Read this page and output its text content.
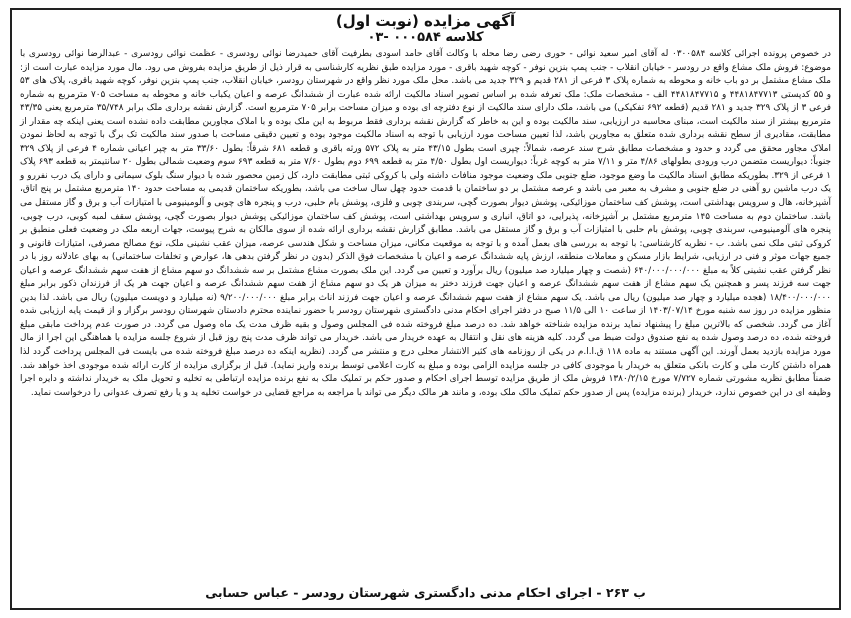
آگهی مزایده (نوبت اول)
کلاسه ۰۰۰۵۸۴ -۰۳
در خصوص پرونده اجرائی کلاسه ۰۳۰۰۵۸۴ له آقای امیر سعید نوائی - حوری رضی رضا محله با وکالت آقای حامد اسودی بطرفیت آقای حمیدرضا نوائی رودسری - عظمت نوائی رودسری - عبدالرضا نوائی رودسری با موضوع: فروش ملک مشاع واقع در رودسر - خیابان انقلاب - جنب پمپ بنزین نوفر - کوچه شهید باقری - مورد مزایده طبق نظریه کارشناسی به قرار ذیل از طریق مزایده بفروش می رود. مال مورد مزایده عبارت است از: ملک مشاع مشتمل بر دو باب خانه و محوطه به شماره پلاک ۳ فرعی از ۲۸۱ قدیم و ۳۲۹ جدید می باشد. محل ملک مورد نظر واقع در شهرستان رودسر، خیابان انقلاب، جنب پمپ بنزین نوفر، کوچه شهید باقری، پلاک های ۵۳ و ۵۵ کدپستی ۴۴۸۱۸۴۷۷۱۳ و ۴۴۸۱۸۴۷۷۱۵ الف - مشخصات ملک: ملک تعرفه شده بر اساس تصویر اسناد مالکیت ارائه شده عبارت از ششدانگ عرصه و اعیان یکباب خانه و محوطه به مساحت ۷۰۵ مترمربع به شماره فرعی ۳ از پلاک ۳۲۹ جدید و ۲۸۱ قدیم (قطعه ۶۹۲ تفکیکی) می باشد، ملک دارای سند مالکیت از نوع دفترچه ای بوده و میزان مساحت برابر ۷۰۵ مترمربع است. گزارش نقشه برداری ملک برابر ۳۵/۷۴۸ مترمربع یعنی ۴۳/۳۵ مترمربع بیشتر از سند مالکیت است، مبنای محاسبه در ارزیابی، سند مالکیت بوده و این به خاطر که گزارش نقشه برداری فقط مربوط به این ملک بوده و با املاک مجاورین مطابقت داده نشده است یعنی اینکه چه مقدار از مطابقت، مقادیری از سطح نقشه برداری شده متعلق به مجاورین باشد، لذا تعیین مساحت مورد ارزیابی با توجه به اسناد مالکیت موجود بوده و تعیین دقیقی مساحت با صدور سند مالکیت تک برگ با توجه به لحاظ نمودن املاک مجاور محقق می گردد و حدود و مشخصات مطابق شرح سند عرصه، شمالاً: چپری است بطول ۴۳/۱۵ متر به پلاک ۵۷۲ ورثه باقری و قطعه ۶۸۱ شرقاً: بطول ۳۳/۶۰ متر به چپر اعیانی شماره ۴ فرعی از پلاک ۳۲۹ جنوباً: دیواریست متضمن درب ورودی بطولهای ۴/۸۶ متر و ۷/۱۱ متر به کوچه غرباً: دیواریست اول بطول ۴/۵۰ متر به قطعه ۶۹۹ دوم بطول ۷/۶۰ متر به قطعه ۶۹۳ سوم وضعیت شمالی بطول ۲۰ سانتیمتر به قطعه ۶۹۳ پلاک ۱ فرعی از ۳۲۹. بطوریکه مطابق اسناد مالکیت ما وضع موجود، ضلع جنوبی ملک وضعیت موجود منافات داشته ولی با کروکی ثبتی مطابقت دارد، کل زمین محصور شده با دیوار سنگ بلوک سیمانی و دارای یک درب نفررو و یک درب ماشین رو آهنی در ضلع جنوبی و مشرف به معبر می باشد و عرصه مشتمل بر دو ساختمان با قدمت حدود چهل سال ساخت می باشد، بطوریکه ساختمان قدیمی به مساحت حدود ۱۴۰ مترمربع مشتمل بر پنج اتاق، آشپزخانه، هال و سرویس بهداشتی است، پوشش کف ساختمان موزائیکی، پوشش دیوار بصورت گچی، سربندی چوبی و فلزی، پوشش بام حلبی، درب و پنجره های چوبی و آلومینیومی با امتیازات آب و برق و گاز مستقل می باشد. ساختمان دوم به مساحت ۱۴۵ مترمربع مشتمل بر آشپزخانه، پذیرایی، دو اتاق، انباری و سرویس بهداشتی است، پوشش کف ساختمان موزائیکی پوشش دیوار بصورت گچی، پوشش سقف لمبه کوبی، درب چوبی، پنجره های آلومینیومی، سربندی چوبی، پوشش بام حلبی با امتیازات آب و برق و گاز مستقل می باشد. مطابق گزارش نقشه برداری ارائه شده از سوی مالکان به شرح پیوست، جهات اربعه ملک در وضعیت فعلی منطبق بر کروکی ثبتی ملک نمی باشد. ب - نظریه کارشناسی: با توجه به بررسی های بعمل آمده و با توجه به موقعیت مکانی، میزان مساحت و شکل هندسی عرصه، میزان عقب نشینی ملک، نوع مصالح مصرفی، امتیازات قانونی و جمیع جهات موثر و فنی در ارزیابی، شرایط بازار مسکن و معاملات منطقه، ارزش پایه ششدانگ عرصه و اعیان با مشخصات فوق الذکر (بدون در نظر گرفتن بدهی ها، عوارض و تخلفات ساختمانی) به بهای عادلانه روز با در نظر گرفتن عقب نشینی کلاً به مبلغ ۶۴۰/۰۰۰/۰۰۰/۰۰۰ (شصت و چهار میلیارد صد میلیون) ریال برآورد و تعیین می گردد. این ملک بصورت مشاع مشتمل بر سه ششدانگ دو سهم مشاع از هفت سهم ششدانگ عرصه و اعیان جهت سه فرزند پسر و همچنین یک سهم مشاع از هفت سهم ششدانگ عرصه و اعیان جهت فرزند دختر به میزان هر یک دو سهم مشاع از هفت سهم ششدانگ عرصه و اعیان جهت هر یک از فرزندان ذکور برابر مبلغ ۱۸/۴۰۰/۰۰۰/۰۰۰ (هجده میلیارد و چهار صد میلیون) ریال می باشد. یک سهم مشاع از هفت سهم ششدانگ عرصه و اعیان جهت فرزند اناث برابر مبلغ ۹/۲۰۰/۰۰۰/۰۰۰ (نه میلیارد و دویست میلیون) ریال می باشد. لذا بدین منظور مزایده در روز سه شنبه مورخ ۱۴۰۳/۰۷/۱۴ از ساعت ۱۰ الی ۱۱/۵ صبح در دفتر اجرای احکام مدنی دادگستری شهرستان رودسر با حضور نماینده محترم دادستان شهرستان رودسر برگزار و از قیمت پایه ارزیابی شده آغاز می گردد. شخصی که بالاترین مبلغ را پیشنهاد نماید برنده مزایده شناخته خواهد شد. ده درصد مبلغ فروخته شده فی المجلس وصول و بقیه ظرف مدت یک ماه وصول می گردد. در صورت عدم پرداخت مابقی مبلغ فروخته شده، ده درصد وصول شده به نفع صندوق دولت ضبط می گردد. کلیه هزینه های نقل و انتقال به عهده خریدار می باشد. خریدار می تواند ظرف مدت پنج روز قبل از شروع جلسه مزایده با هماهنگی این اجرا از مال مورد مزایده بازدید بعمل آورند. این آگهی مستند به ماده ۱۱۸ ق.ا.ا.م در یکی از روزنامه های کثیر الانتشار محلی درج و منتشر می گردد. (نظریه اینکه ده درصد مبلغ فروخته شده می بایست فی المجلس پرداخت گردد لذا همراه داشتن کارت ملی و کارت بانکی متعلق به خریدار با موجودی کافی در جلسه مزایده الزامی بوده و مبلغ به کارت اعلامی توسط برنده واریز نماید). قبل از برگزاری مزایده از کارت ارائه شده موجودی اخذ خواهد شد. ضمناً مطابق نظریه مشورتی شماره ۷/۷۲۷ مورخ ۱۳۸۰/۲/۱۵ فروش ملک از طریق مزایده توسط اجرای احکام و صدور حکم بر تملیک ملک به نفع برنده مزایده ارتباطی به تخلیه و تحویل ملک به خریدار نداشته و دایره اجرا وظیفه ای در این خصوص ندارد، خریدار (برنده مزایده) پس از صدور حکم تملیک مالک ملک بوده، و مانند هر مالک دیگر می تواند با مراجعه به مراجع قضایی در خواست تخلیه ید و یا رفع تصرف عدوانی را درخواست نماید.
ب ۲۶۳ - اجرای احکام مدنی دادگستری شهرستان رودسر - عباس حسابی
